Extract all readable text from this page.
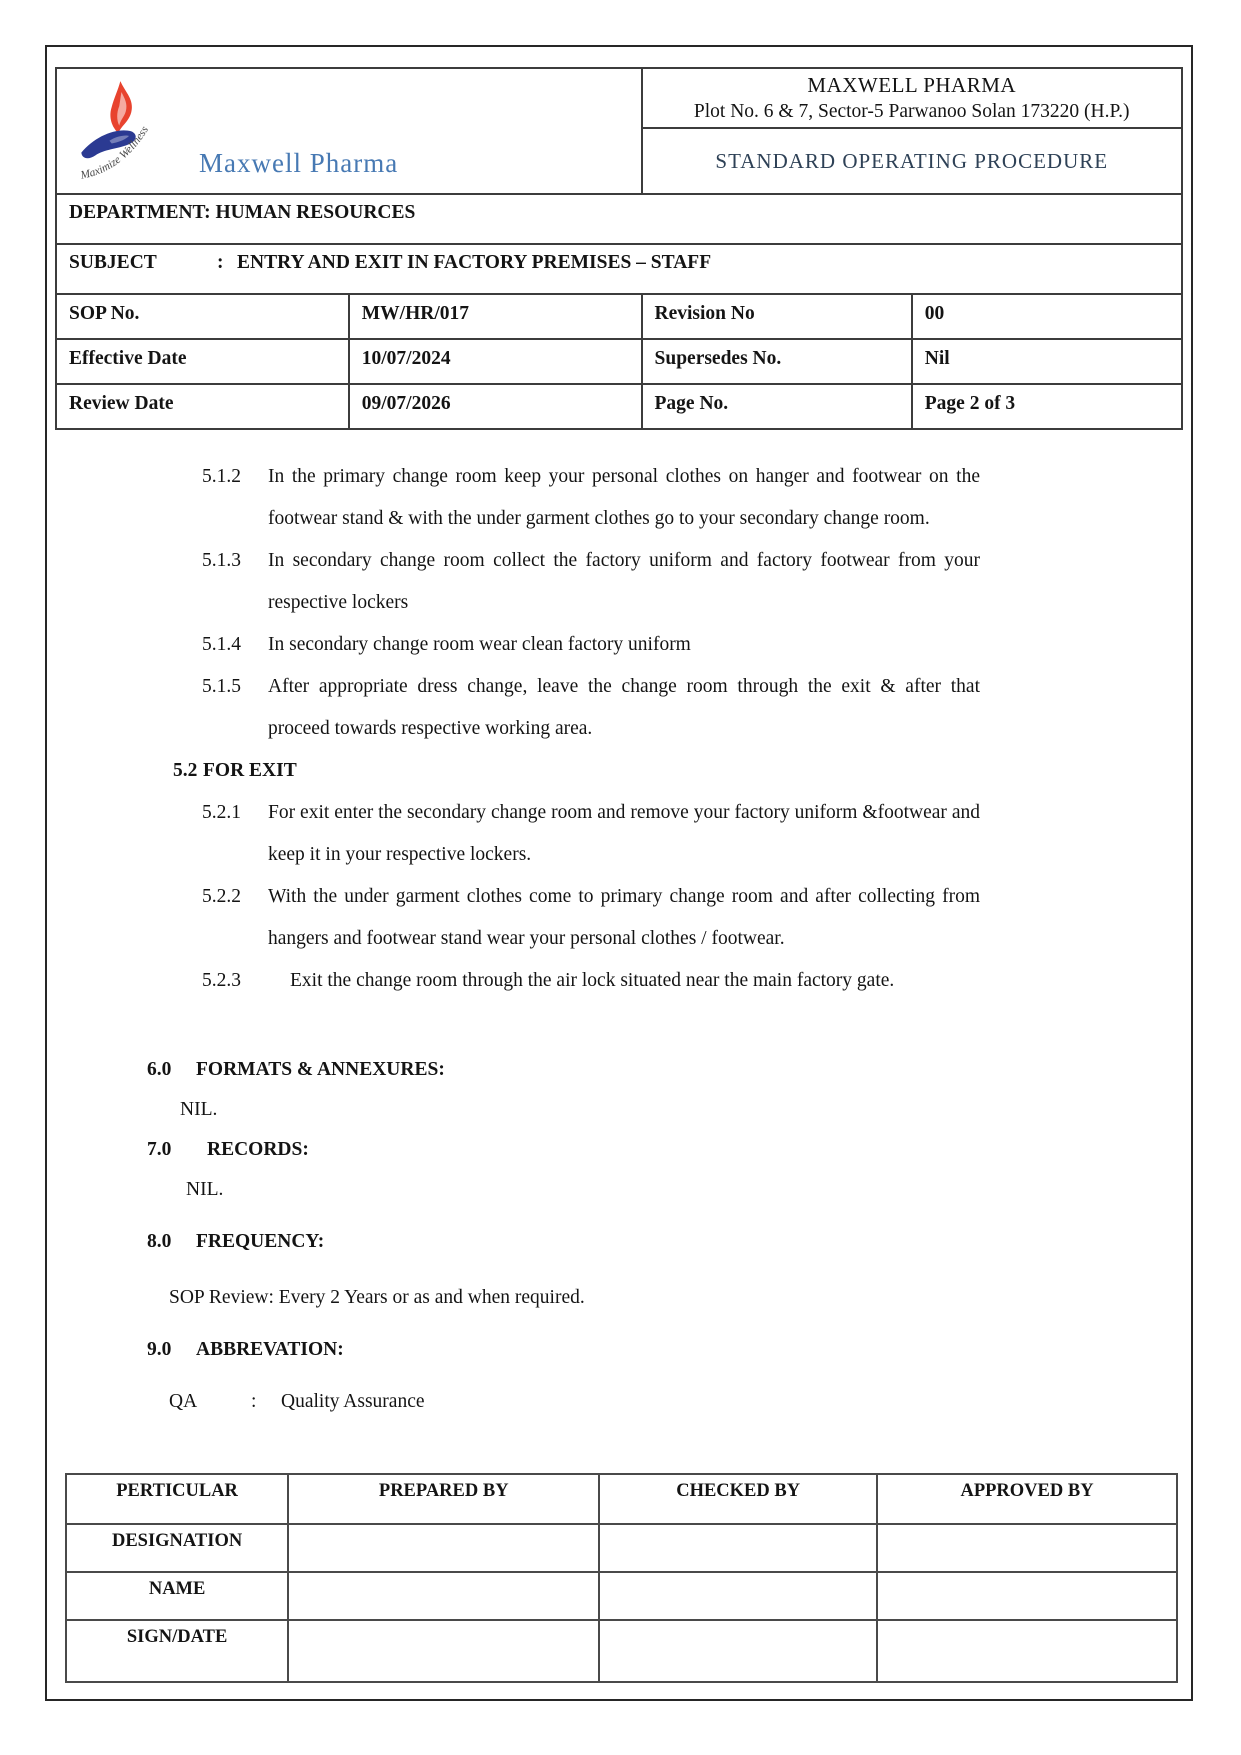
Maximize Wellness
Maxwell Pharma

MAXWELL PHARMA
Plot No. 6 & 7, Sector-5 Parwanoo Solan 173220 (H.P.)

		STANDARD OPERATING PROCEDURE	
DEPARTMENT: HUMAN RESOURCES			

SUBJECT : ENTRY AND EXIT IN FACTORY PREMISES – STAFF			

SOP No.	MW/HR/017	Revision No	00
Effective Date	10/07/2024	Supersedes No.	Nil
Review Date	09/07/2026	Page No.	Page 2 of 3
5.1.2	In the primary change room keep your personal clothes on hanger and footwear on the footwear stand & with the under garment clothes go to your secondary change room.
5.1.3	In secondary change room collect the factory uniform and factory footwear from your respective lockers
5.1.4	In secondary change room wear clean factory uniform
5.1.5	After appropriate dress change, leave the change room through the exit & after that proceed towards respective working area.
5.2 FOR EXIT
5.2.1	For exit enter the secondary change room and remove your factory uniform &footwear and keep it in your respective lockers.
5.2.2	With the under garment clothes come to primary change room and after collecting from hangers and footwear stand wear your personal clothes / footwear.
5.2.3	Exit the change room through the air lock situated near the main factory gate.
6.0	FORMATS & ANNEXURES:
NIL.
7.0	RECORDS:
NIL.
8.0	FREQUENCY:
SOP Review: Every 2 Years or as and when required.
9.0	ABBREVATION:
QA	:	Quality Assurance
PERTICULAR	PREPARED BY	CHECKED BY	APPROVED BY
DESIGNATION			
NAME			
SIGN/DATE			
